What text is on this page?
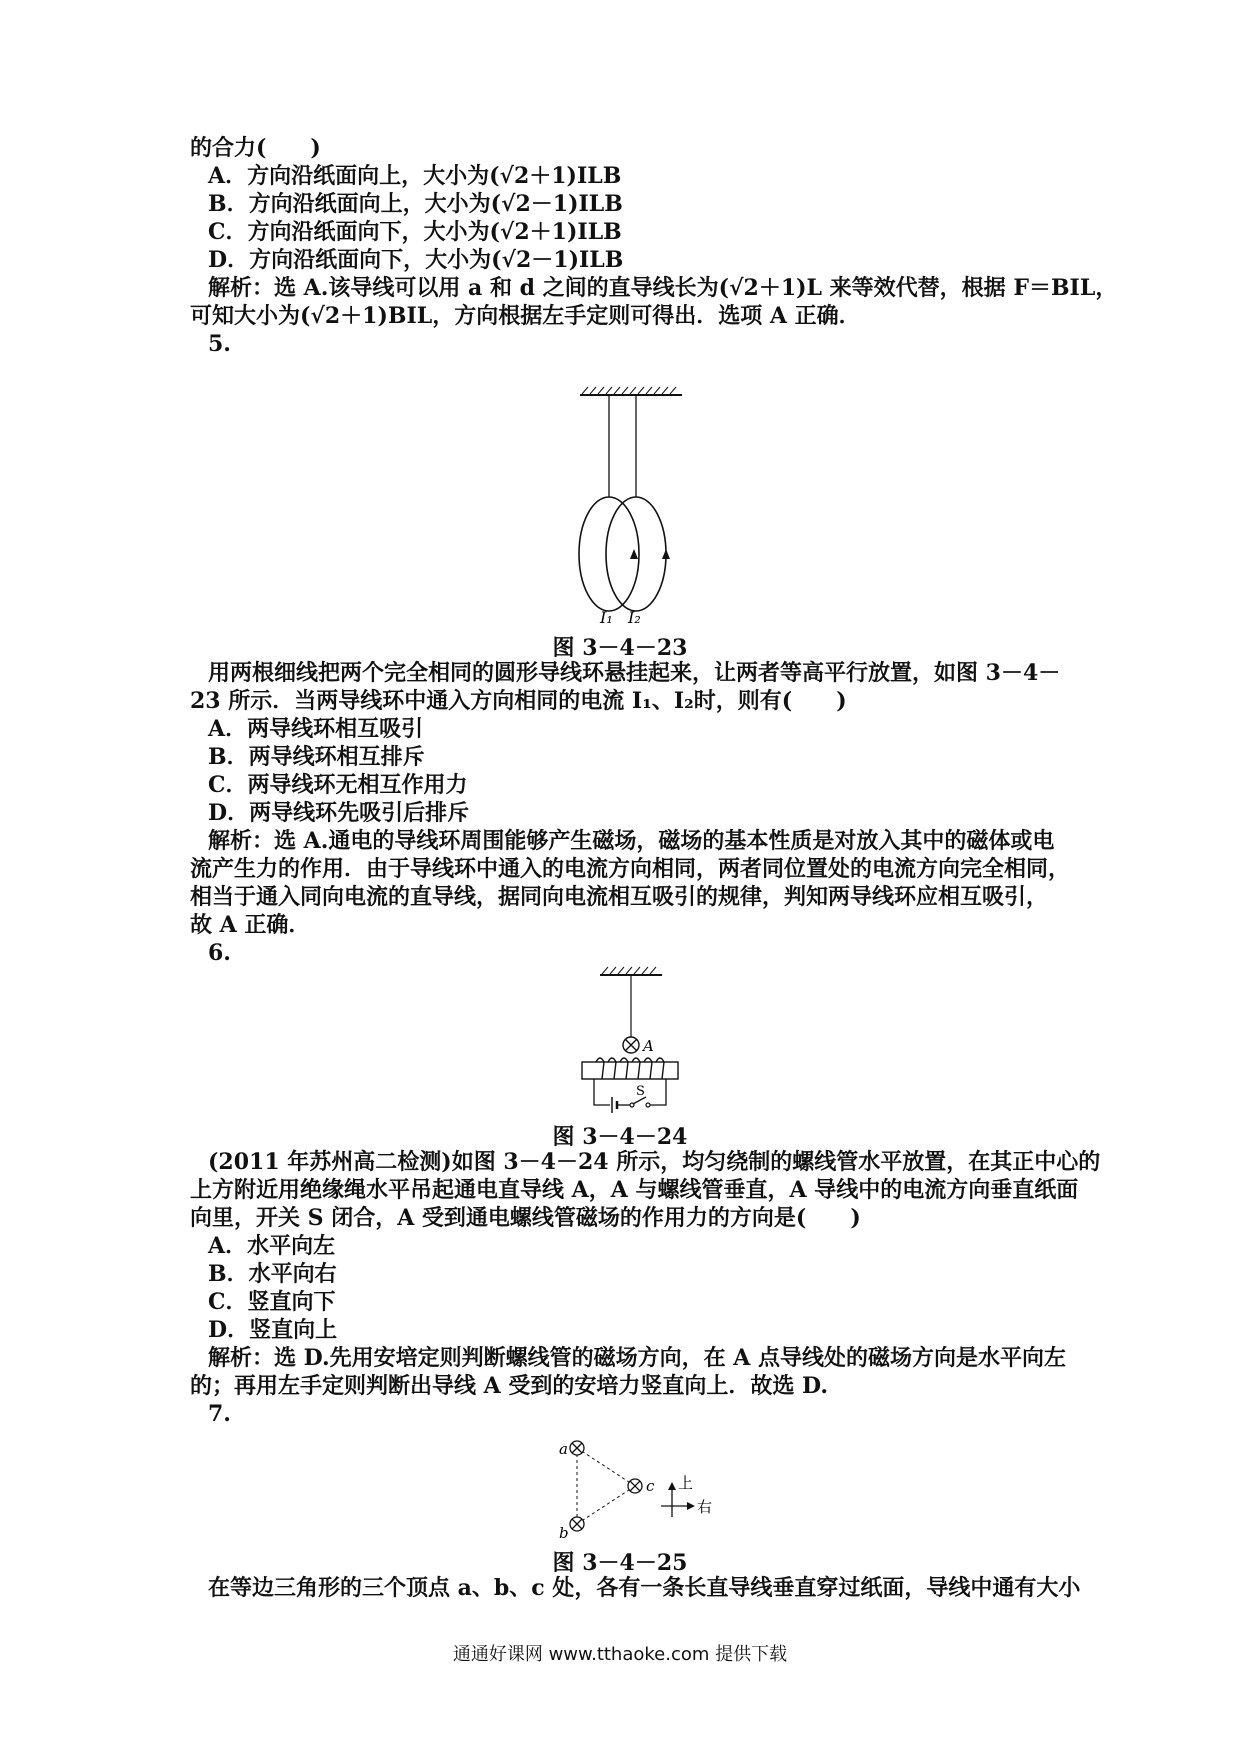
的合力(　　)
A．方向沿纸面向上，大小为(√2＋1)ILB
B．方向沿纸面向上，大小为(√2－1)ILB
C．方向沿纸面向下，大小为(√2＋1)ILB
D．方向沿纸面向下，大小为(√2－1)ILB
解析：选 A.该导线可以用 a 和 d 之间的直导线长为(√2＋1)L 来等效代替，根据 F＝BIL，
可知大小为(√2＋1)BIL，方向根据左手定则可得出．选项 A 正确．
5.
I₁ I₂
图 3－4－23
用两根细线把两个完全相同的圆形导线环悬挂起来，让两者等高平行放置，如图 3－4－
23 所示．当两导线环中通入方向相同的电流 I₁、I₂时，则有(　　)
A．两导线环相互吸引
B．两导线环相互排斥
C．两导线环无相互作用力
D．两导线环先吸引后排斥
解析：选 A.通电的导线环周围能够产生磁场，磁场的基本性质是对放入其中的磁体或电
流产生力的作用．由于导线环中通入的电流方向相同，两者同位置处的电流方向完全相同，
相当于通入同向电流的直导线，据同向电流相互吸引的规律，判知两导线环应相互吸引，
故 A 正确．
6.
A
S
图 3－4－24
(2011 年苏州高二检测)如图 3－4－24 所示，均匀绕制的螺线管水平放置，在其正中心的
上方附近用绝缘绳水平吊起通电直导线 A，A 与螺线管垂直，A 导线中的电流方向垂直纸面
向里，开关 S 闭合，A 受到通电螺线管磁场的作用力的方向是(　　)
A．水平向左
B．水平向右
C．竖直向下
D．竖直向上
解析：选 D.先用安培定则判断螺线管的磁场方向，在 A 点导线处的磁场方向是水平向左
的；再用左手定则判断出导线 A 受到的安培力竖直向上．故选 D.
7.
a
b
c 上
右
图 3－4－25
在等边三角形的三个顶点 a、b、c 处，各有一条长直导线垂直穿过纸面，导线中通有大小
通通好课网 www.tthaoke.com 提供下载
